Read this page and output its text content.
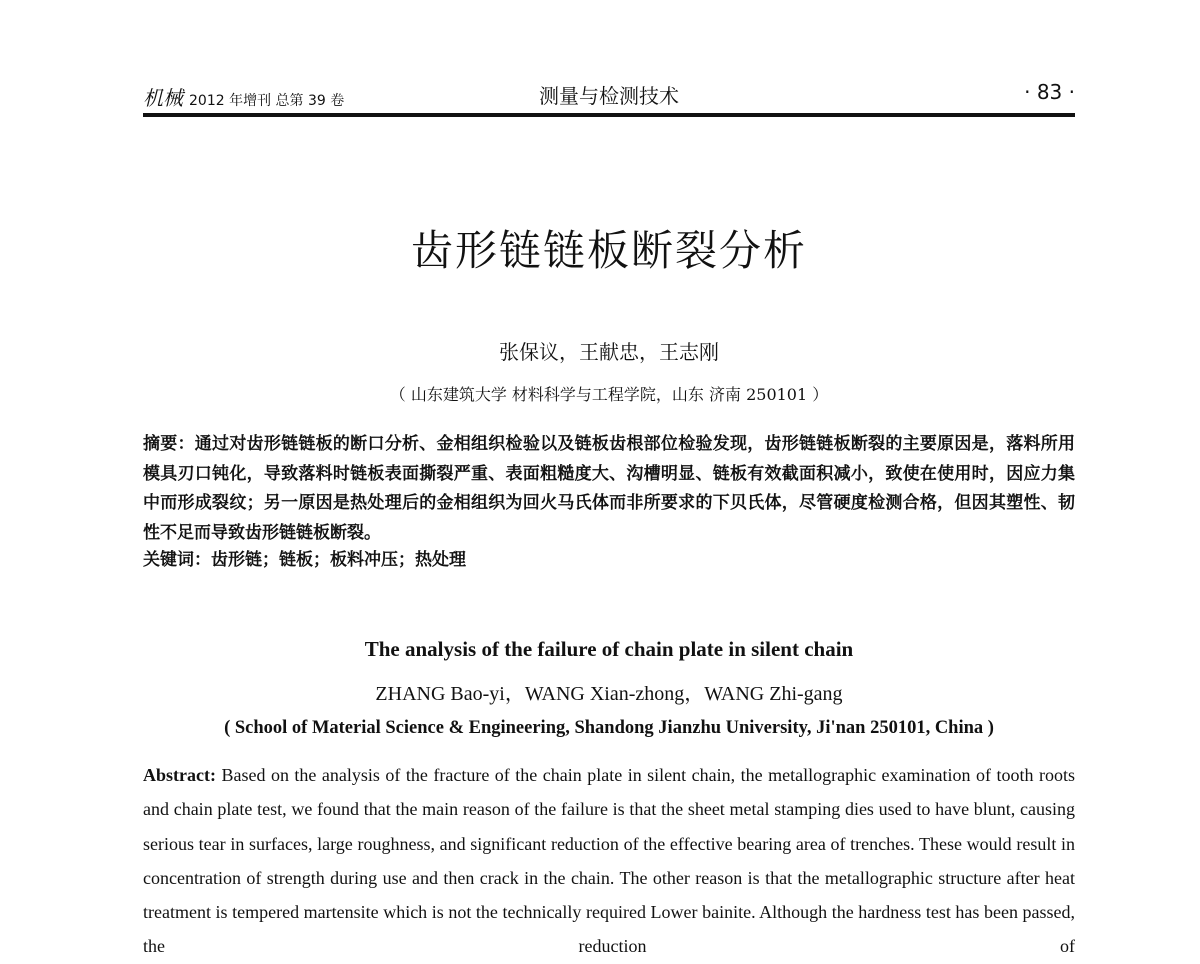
机械 2012 年增刊 总第 39 卷	测量与检测技术	· 83 ·
齿形链链板断裂分析
张保议，王献忠，王志刚
（ 山东建筑大学 材料科学与工程学院，山东 济南 250101 ）
摘要：通过对齿形链链板的断口分析、金相组织检验以及链板齿根部位检验发现，齿形链链板断裂的主要原因是，落料所用模具刃口钝化，导致落料时链板表面撕裂严重、表面粗糙度大、沟槽明显、链板有效截面积减小，致使在使用时，因应力集中而形成裂纹；另一原因是热处理后的金相组织为回火马氏体而非所要求的下贝氏体，尽管硬度检测合格，但因其塑性、韧性不足而导致齿形链链板断裂。
关键词：齿形链；链板；板料冲压；热处理
The analysis of the failure of chain plate in silent chain
ZHANG Bao-yi，WANG Xian-zhong，WANG Zhi-gang
( School of Material Science & Engineering, Shandong Jianzhu University, Ji'nan 250101, China )
Abstract: Based on the analysis of the fracture of the chain plate in silent chain, the metallographic examination of tooth roots and chain plate test, we found that the main reason of the failure is that the sheet metal stamping dies used to have blunt, causing serious tear in surfaces, large roughness, and significant reduction of the effective bearing area of trenches. These would result in concentration of strength during use and then crack in the chain. The other reason is that the metallographic structure after heat treatment is tempered martensite which is not the technically required Lower bainite. Although the hardness test has been passed, the reduction of
